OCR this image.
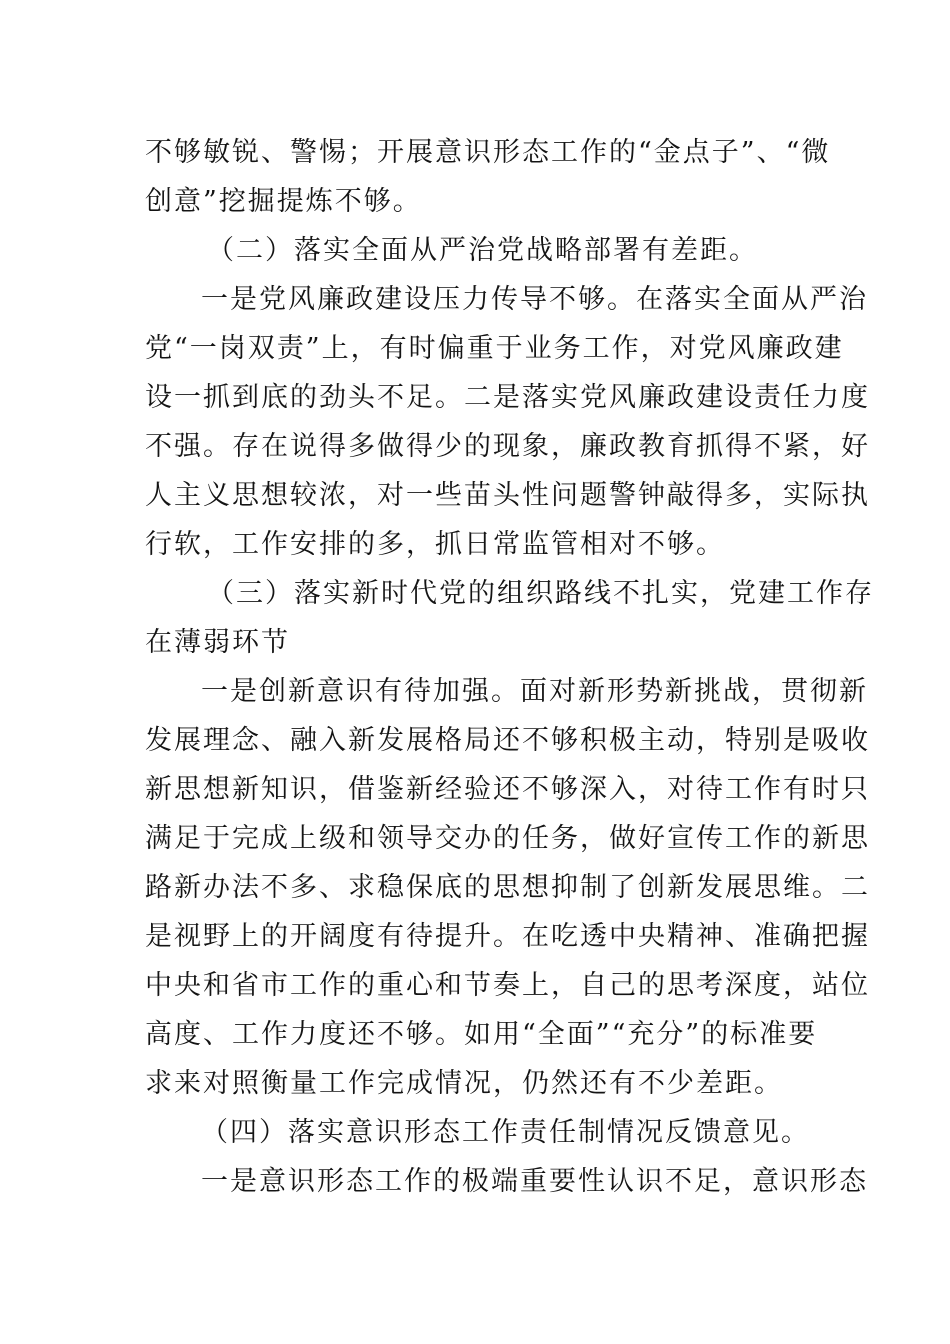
不够敏锐、警惕；开展意识形态工作的“金点子”、“微
创意”挖掘提炼不够。
（二）落实全面从严治党战略部署有差距。
一是党风廉政建设压力传导不够。在落实全面从严治
党“一岗双责”上，有时偏重于业务工作，对党风廉政建
设一抓到底的劲头不足。二是落实党风廉政建设责任力度
不强。存在说得多做得少的现象，廉政教育抓得不紧，好
人主义思想较浓，对一些苗头性问题警钟敲得多，实际执
行软，工作安排的多，抓日常监管相对不够。
（三）落实新时代党的组织路线不扎实，党建工作存
在薄弱环节
一是创新意识有待加强。面对新形势新挑战，贯彻新
发展理念、融入新发展格局还不够积极主动，特别是吸收
新思想新知识，借鉴新经验还不够深入，对待工作有时只
满足于完成上级和领导交办的任务，做好宣传工作的新思
路新办法不多、求稳保底的思想抑制了创新发展思维。二
是视野上的开阔度有待提升。在吃透中央精神、准确把握
中央和省市工作的重心和节奏上，自己的思考深度，站位
高度、工作力度还不够。如用“全面”“充分”的标准要
求来对照衡量工作完成情况，仍然还有不少差距。
（四）落实意识形态工作责任制情况反馈意见。
一是意识形态工作的极端重要性认识不足，意识形态
